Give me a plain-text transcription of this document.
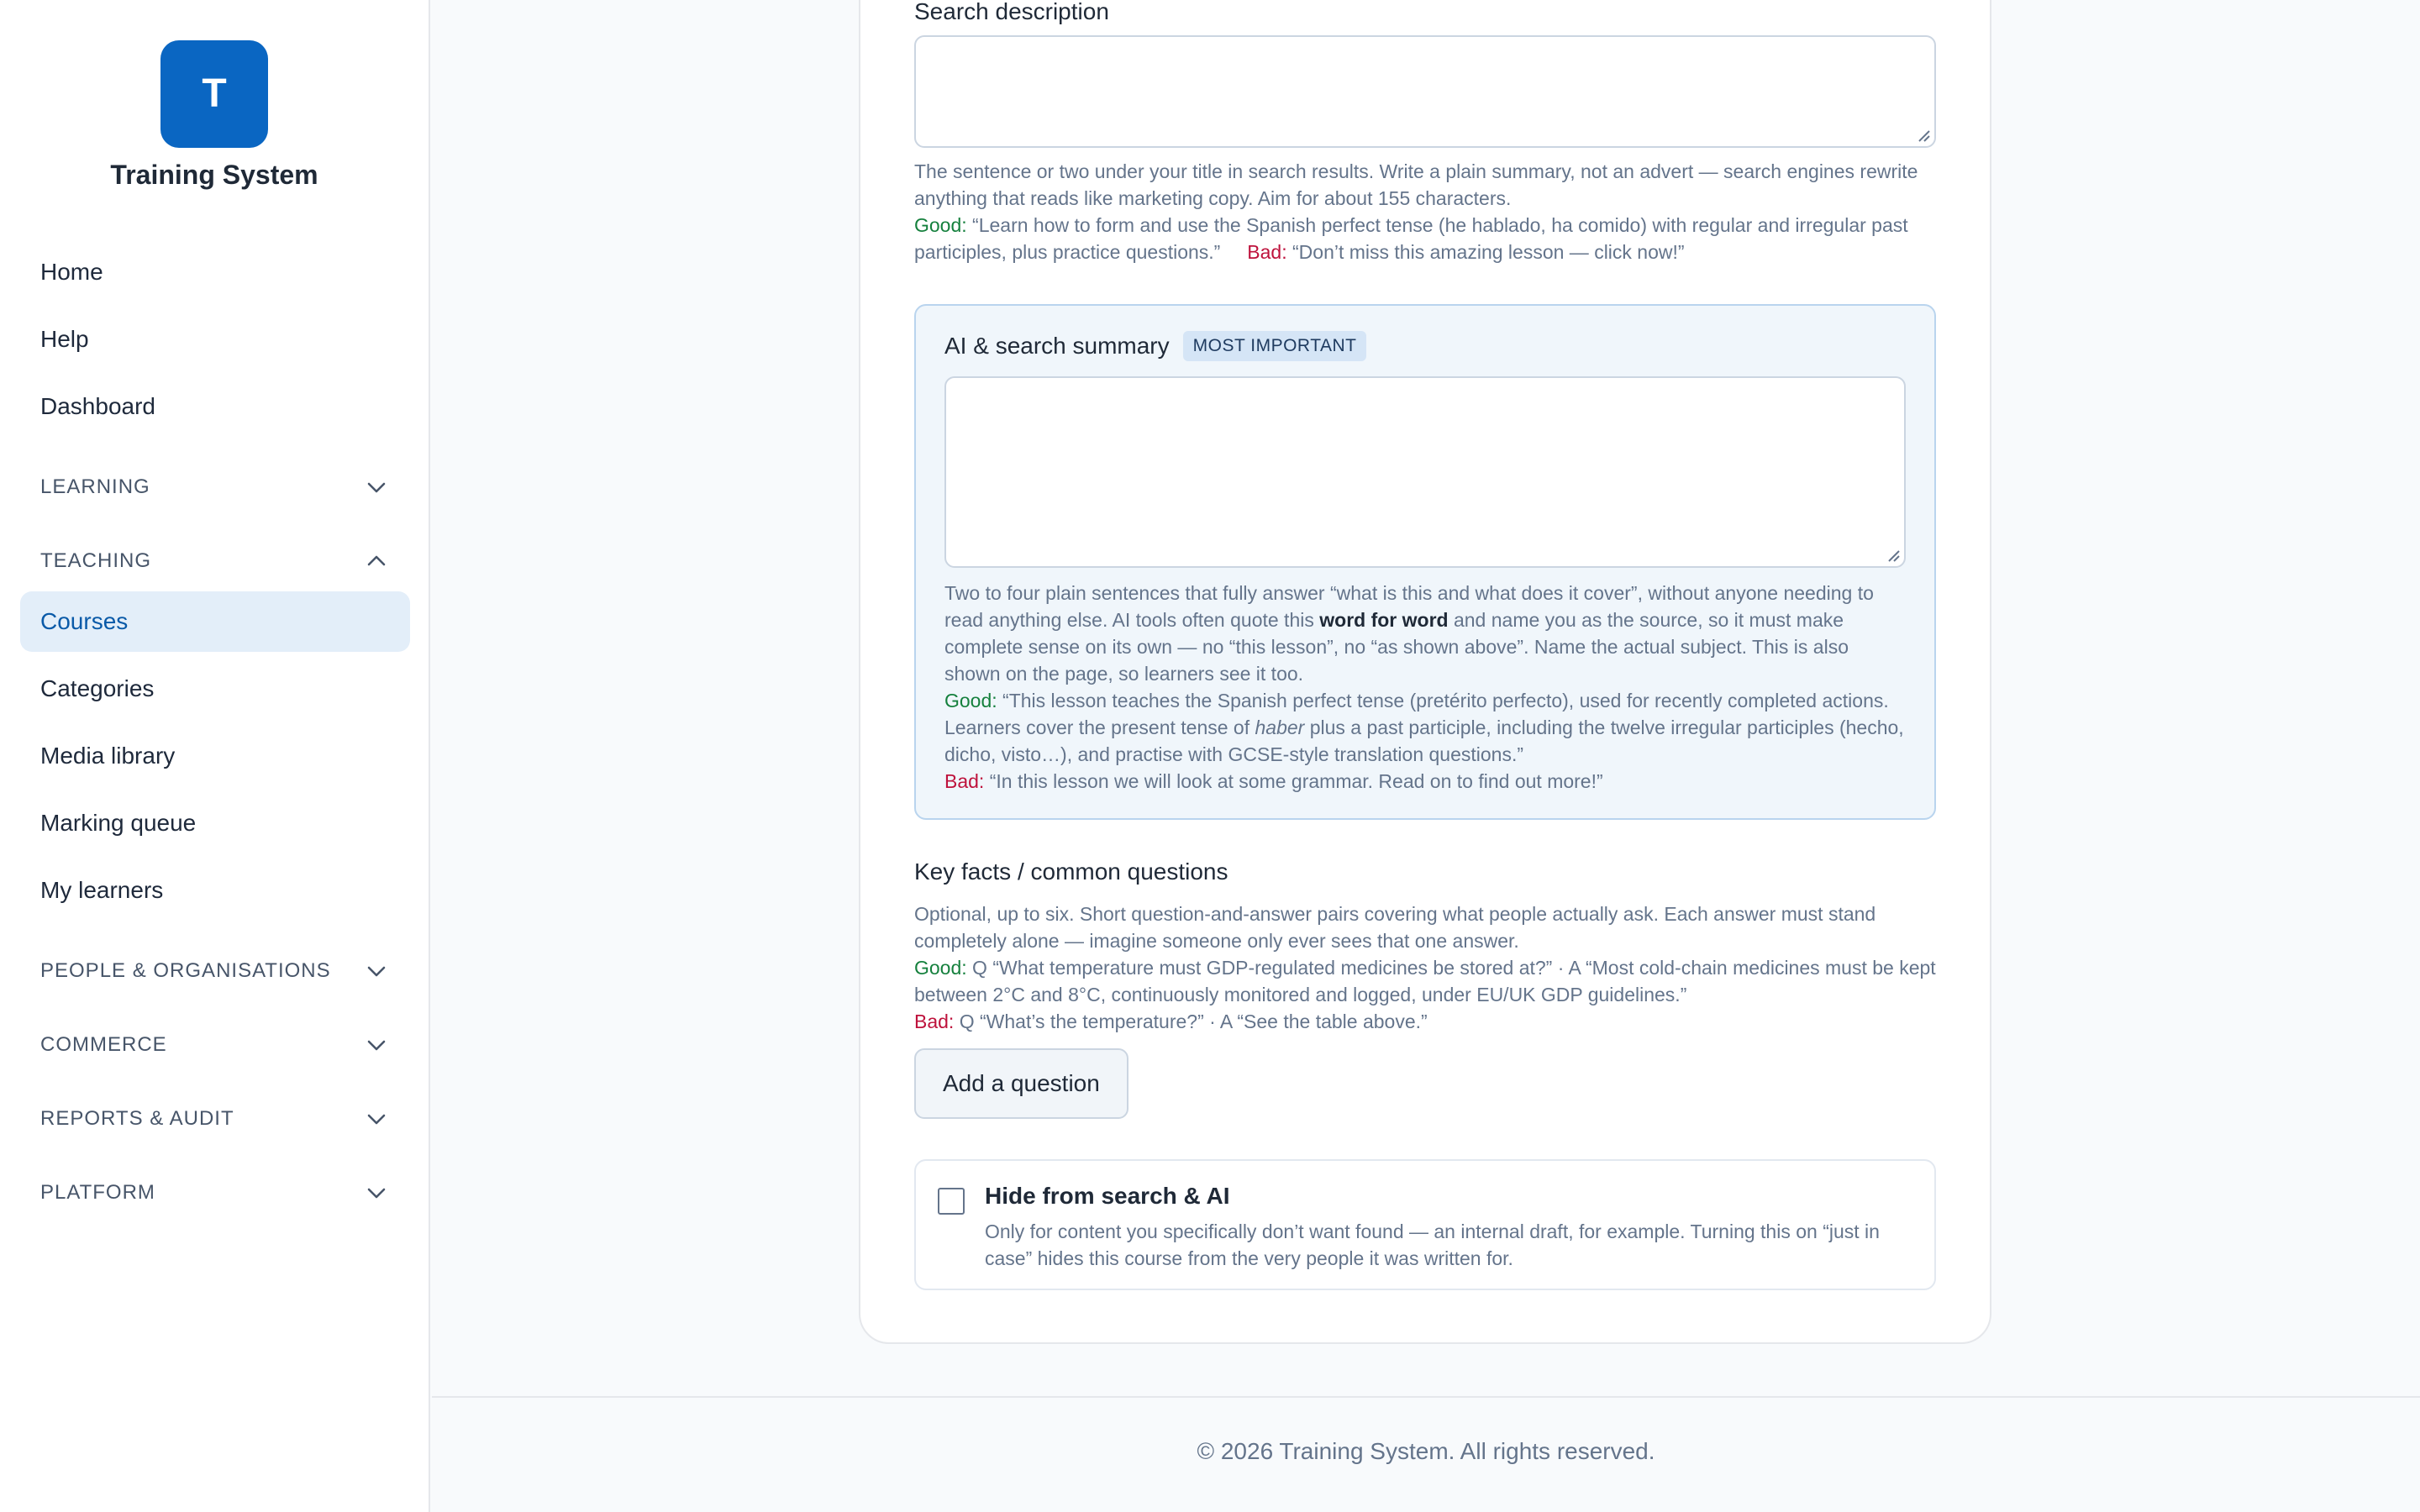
T
Training System
Home
Help
Dashboard
LEARNING
TEACHING
Courses
Categories
Media library
Marking queue
My learners
PEOPLE & ORGANISATIONS
COMMERCE
REPORTS & AUDIT
PLATFORM
Search description
The sentence or two under your title in search results. Write a plain summary, not an advert — search engines rewrite anything that reads like marketing copy. Aim for about 155 characters.
Good: “Learn how to form and use the Spanish perfect tense (he hablado, ha comido) with regular and irregular past participles, plus practice questions.” Bad: “Don’t miss this amazing lesson — click now!”
AI & search summary	MOST IMPORTANT
Two to four plain sentences that fully answer “what is this and what does it cover”, without anyone needing to read anything else. AI tools often quote this word for word and name you as the source, so it must make complete sense on its own — no “this lesson”, no “as shown above”. Name the actual subject. This is also shown on the page, so learners see it too.
Good: “This lesson teaches the Spanish perfect tense (pretérito perfecto), used for recently completed actions. Learners cover the present tense of haber plus a past participle, including the twelve irregular participles (hecho, dicho, visto…), and practise with GCSE-style translation questions.”
Bad: “In this lesson we will look at some grammar. Read on to find out more!”
Key facts / common questions
Optional, up to six. Short question-and-answer pairs covering what people actually ask. Each answer must stand completely alone — imagine someone only ever sees that one answer.
Good: Q “What temperature must GDP-regulated medicines be stored at?” · A “Most cold-chain medicines must be kept between 2°C and 8°C, continuously monitored and logged, under EU/UK GDP guidelines.”
Bad: Q “What’s the temperature?” · A “See the table above.”
Add a question
Hide from search & AI
Only for content you specifically don’t want found — an internal draft, for example. Turning this on “just in case” hides this course from the very people it was written for.
© 2026 Training System. All rights reserved.
